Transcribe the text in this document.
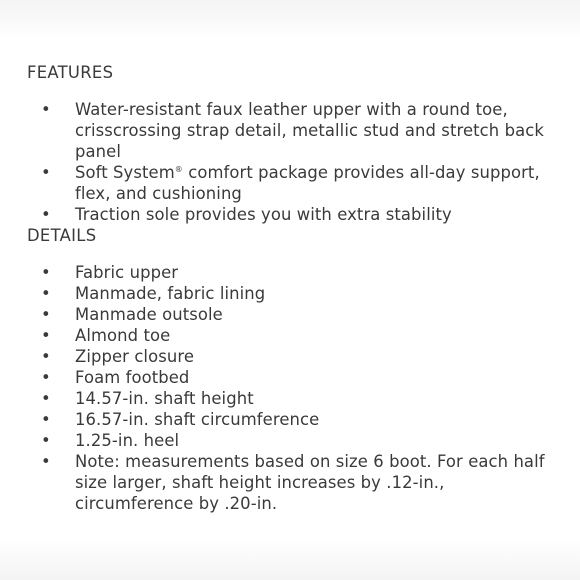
FEATURES
• Water-resistant faux leather upper with a round toe, crisscrossing strap detail, metallic stud and stretch back panel
• Soft System® comfort package provides all-day support, flex, and cushioning
• Traction sole provides you with extra stability
DETAILS
• Fabric upper
• Manmade, fabric lining
• Manmade outsole
• Almond toe
• Zipper closure
• Foam footbed
• 14.57-in. shaft height
• 16.57-in. shaft circumference
• 1.25-in. heel
• Note: measurements based on size 6 boot. For each half size larger, shaft height increases by .12-in., circumference by .20-in.
